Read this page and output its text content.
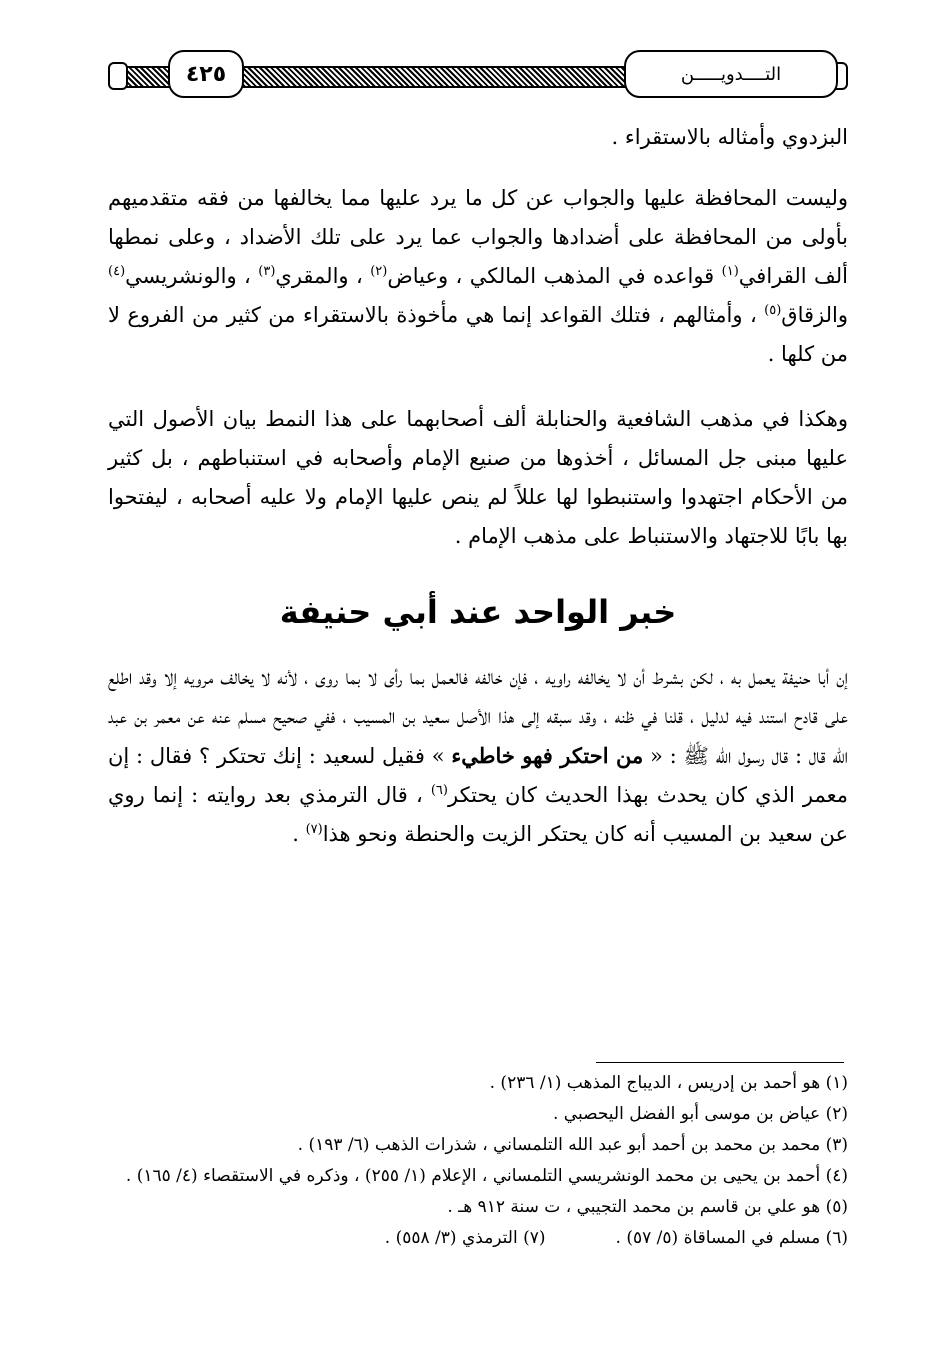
التــــدويـــــن
٤٢٥

البزدوي وأمثاله بالاستقراء .

وليست المحافظة عليها والجواب عن كل ما يرد عليها مما يخالفها من فقه متقدميهم بأولى من المحافظة على أضدادها والجواب عما يرد على تلك الأضداد ، وعلى نمطها ألف القرافي$^{(١)}$ قواعده في المذهب المالكي ، وعياض$^{(٢)}$ ، والمقري$^{(٣)}$ ، والونشريسي$^{(٤)}$ والزقاق$^{(٥)}$ ، وأمثالهم ، فتلك القواعد إنما هي مأخوذة بالاستقراء من كثير من الفروع لا من كلها .

وهكذا في مذهب الشافعية والحنابلة ألف أصحابهما على هذا النمط بيان الأصول التي عليها مبنى جل المسائل ، أخذوها من صنيع الإمام وأصحابه في استنباطهم ، بل كثير من الأحكام اجتهدوا واستنبطوا لها عللاً لم ينص عليها الإمام ولا عليه أصحابه ، ليفتحوا بها بابًا للاجتهاد والاستنباط على مذهب الإمام .

خبر الواحد عند أبي حنيفة

إن أبا حنيفة يعمل به ، لكن بشرط أن لا يخالفه راويه ، فإن خالفه فالعمل بما رأى لا بما روى ، لأنه لا يخالف مرويه إلا وقد اطلع على قادح استند فيه لدليل ، قلنا في ظنه ، وقد سبقه إلى هذا الأصل سعيد بن المسيب ، ففي صحيح مسلم عنه عن معمر بن عبد الله قال : قال رسول الله ﷺ : « من احتكر فهو خاطيء » فقيل لسعيد : إنك تحتكر ؟ فقال : إن معمر الذي كان يحدث بهذا الحديث كان يحتكر$^{(٦)}$ ، قال الترمذي بعد روايته : إنما روي عن سعيد بن المسيب أنه كان يحتكر الزيت والحنطة ونحو هذا$^{(٧)}$ .

(١) هو أحمد بن إدريس ، الديباج المذهب (١/ ٢٣٦) .

(٢) عياض بن موسى أبو الفضل اليحصبي .

(٣) محمد بن محمد بن أحمد أبو عبد الله التلمساني ، شذرات الذهب (٦/ ١٩٣) .

(٤) أحمد بن يحيى بن محمد الونشريسي التلمساني ، الإعلام (١/ ٢٥٥) ، وذكره في الاستقصاء (٤/ ١٦٥) .

(٥) هو علي بن قاسم بن محمد التجيبي ، ت سنة ٩١٢ هـ .

(٦) مسلم في المساقاة (٥/ ٥٧) .
(٧) الترمذي (٣/ ٥٥٨) .
